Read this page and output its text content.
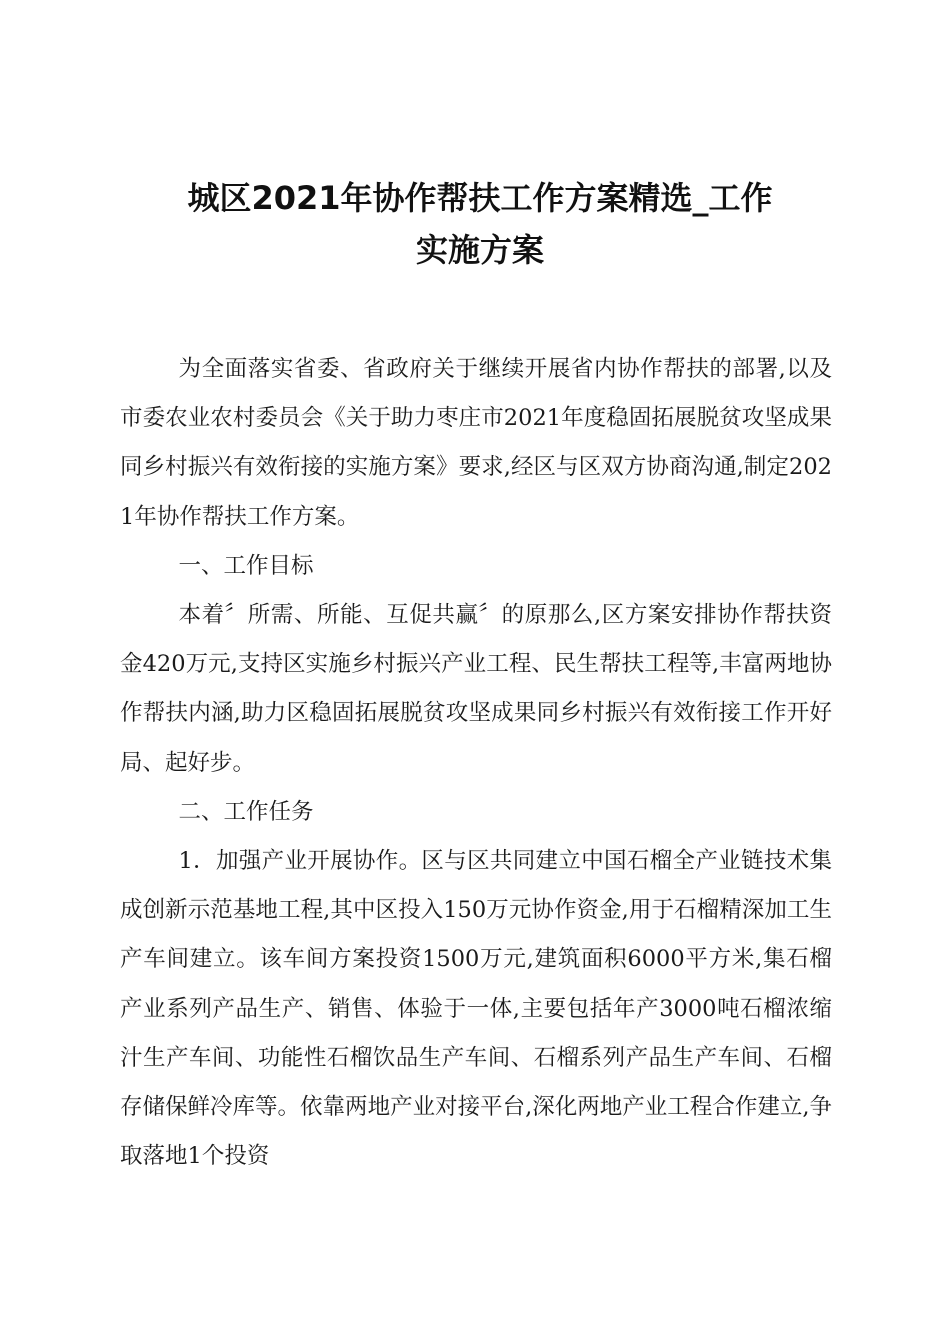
城区2021年协作帮扶工作方案精选_工作
实施方案

为全面落实省委、省政府关于继续开展省内协作帮扶的部署,以及市委农业农村委员会《关于助力枣庄市2021年度稳固拓展脱贫攻坚成果同乡村振兴有效衔接的实施方案》要求,经区与区双方协商沟通,制定2021年协作帮扶工作方案。

一、工作目标

本着〞所需、所能、互促共赢〞的原那么,区方案安排协作帮扶资金420万元,支持区实施乡村振兴产业工程、民生帮扶工程等,丰富两地协作帮扶内涵,助力区稳固拓展脱贫攻坚成果同乡村振兴有效衔接工作开好局、起好步。

二、工作任务

1．加强产业开展协作。区与区共同建立中国石榴全产业链技术集成创新示范基地工程,其中区投入150万元协作资金,用于石榴精深加工生产车间建立。该车间方案投资1500万元,建筑面积6000平方米,集石榴产业系列产品生产、销售、体验于一体,主要包括年产3000吨石榴浓缩汁生产车间、功能性石榴饮品生产车间、石榴系列产品生产车间、石榴存储保鲜冷库等。依靠两地产业对接平台,深化两地产业工程合作建立,争取落地1个投资
